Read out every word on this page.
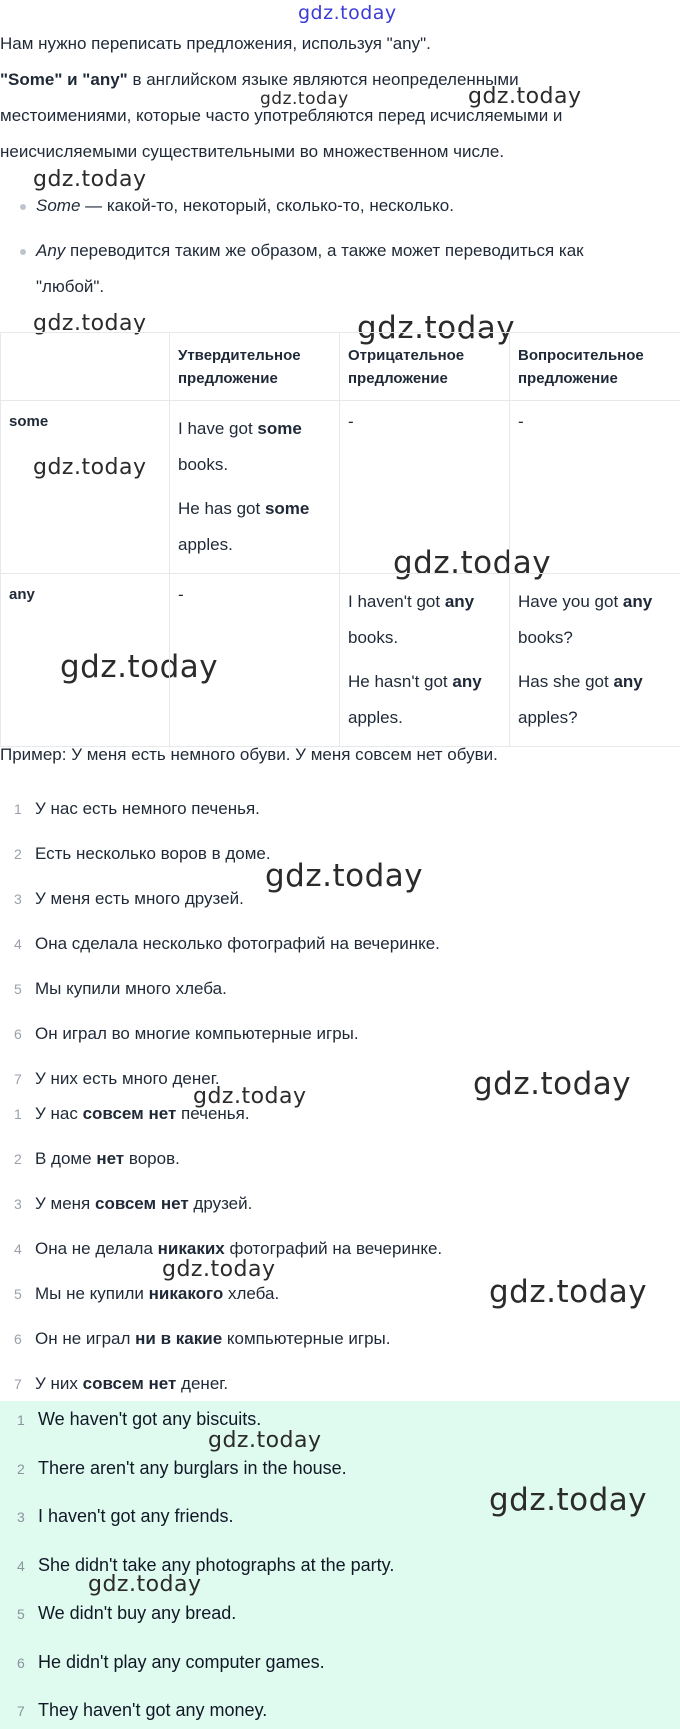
gdz.today
gdz.today	gdz.today
gdz.today
gdz.today	gdz.today
gdz.today
gdz.today
gdz.today
gdz.today
gdz.today
gdz.today
gdz.today
gdz.today
Нам нужно переписать предложения, используя "any".
"Some" и "any" в английском языке являются неопределенными
местоимениями, которые часто употребляются перед исчисляемыми и
неисчисляемыми существительными во множественном числе.
Some — какой-то, некоторый, сколько-то, несколько.
Any переводится таким же образом, а также может переводиться как
"любой".
	Утвердительное предложение	Отрицательное предложение	Вопросительное предложение
some	I have got some
books.
He has got some
apples.	-	-

any	-	I haven't got any
books.
He hasn't got any
apples.	Have you got any
books?
Has she got any
apples?
Пример: У меня есть немного обуви. У меня совсем нет обуви.
1 У нас есть немного печенья.
2 Есть несколько воров в доме.
3 У меня есть много друзей.
4 Она сделала несколько фотографий на вечеринке.
5 Мы купили много хлеба.
6 Он играл во многие компьютерные игры.
7 У них есть много денег.
1 У нас совсем нет печенья.
2 В доме нет воров.
3 У меня совсем нет друзей.
4 Она не делала никаких фотографий на вечеринке.
5 Мы не купили никакого хлеба.
6 Он не играл ни в какие компьютерные игры.
7 У них совсем нет денег.
1 We haven't got any biscuits.
2 There aren't any burglars in the house.
3 I haven't got any friends.
4 She didn't take any photographs at the party.
5 We didn't buy any bread.
6 He didn't play any computer games.
7 They haven't got any money.
gdz.today
gdz.today
gdz.today
